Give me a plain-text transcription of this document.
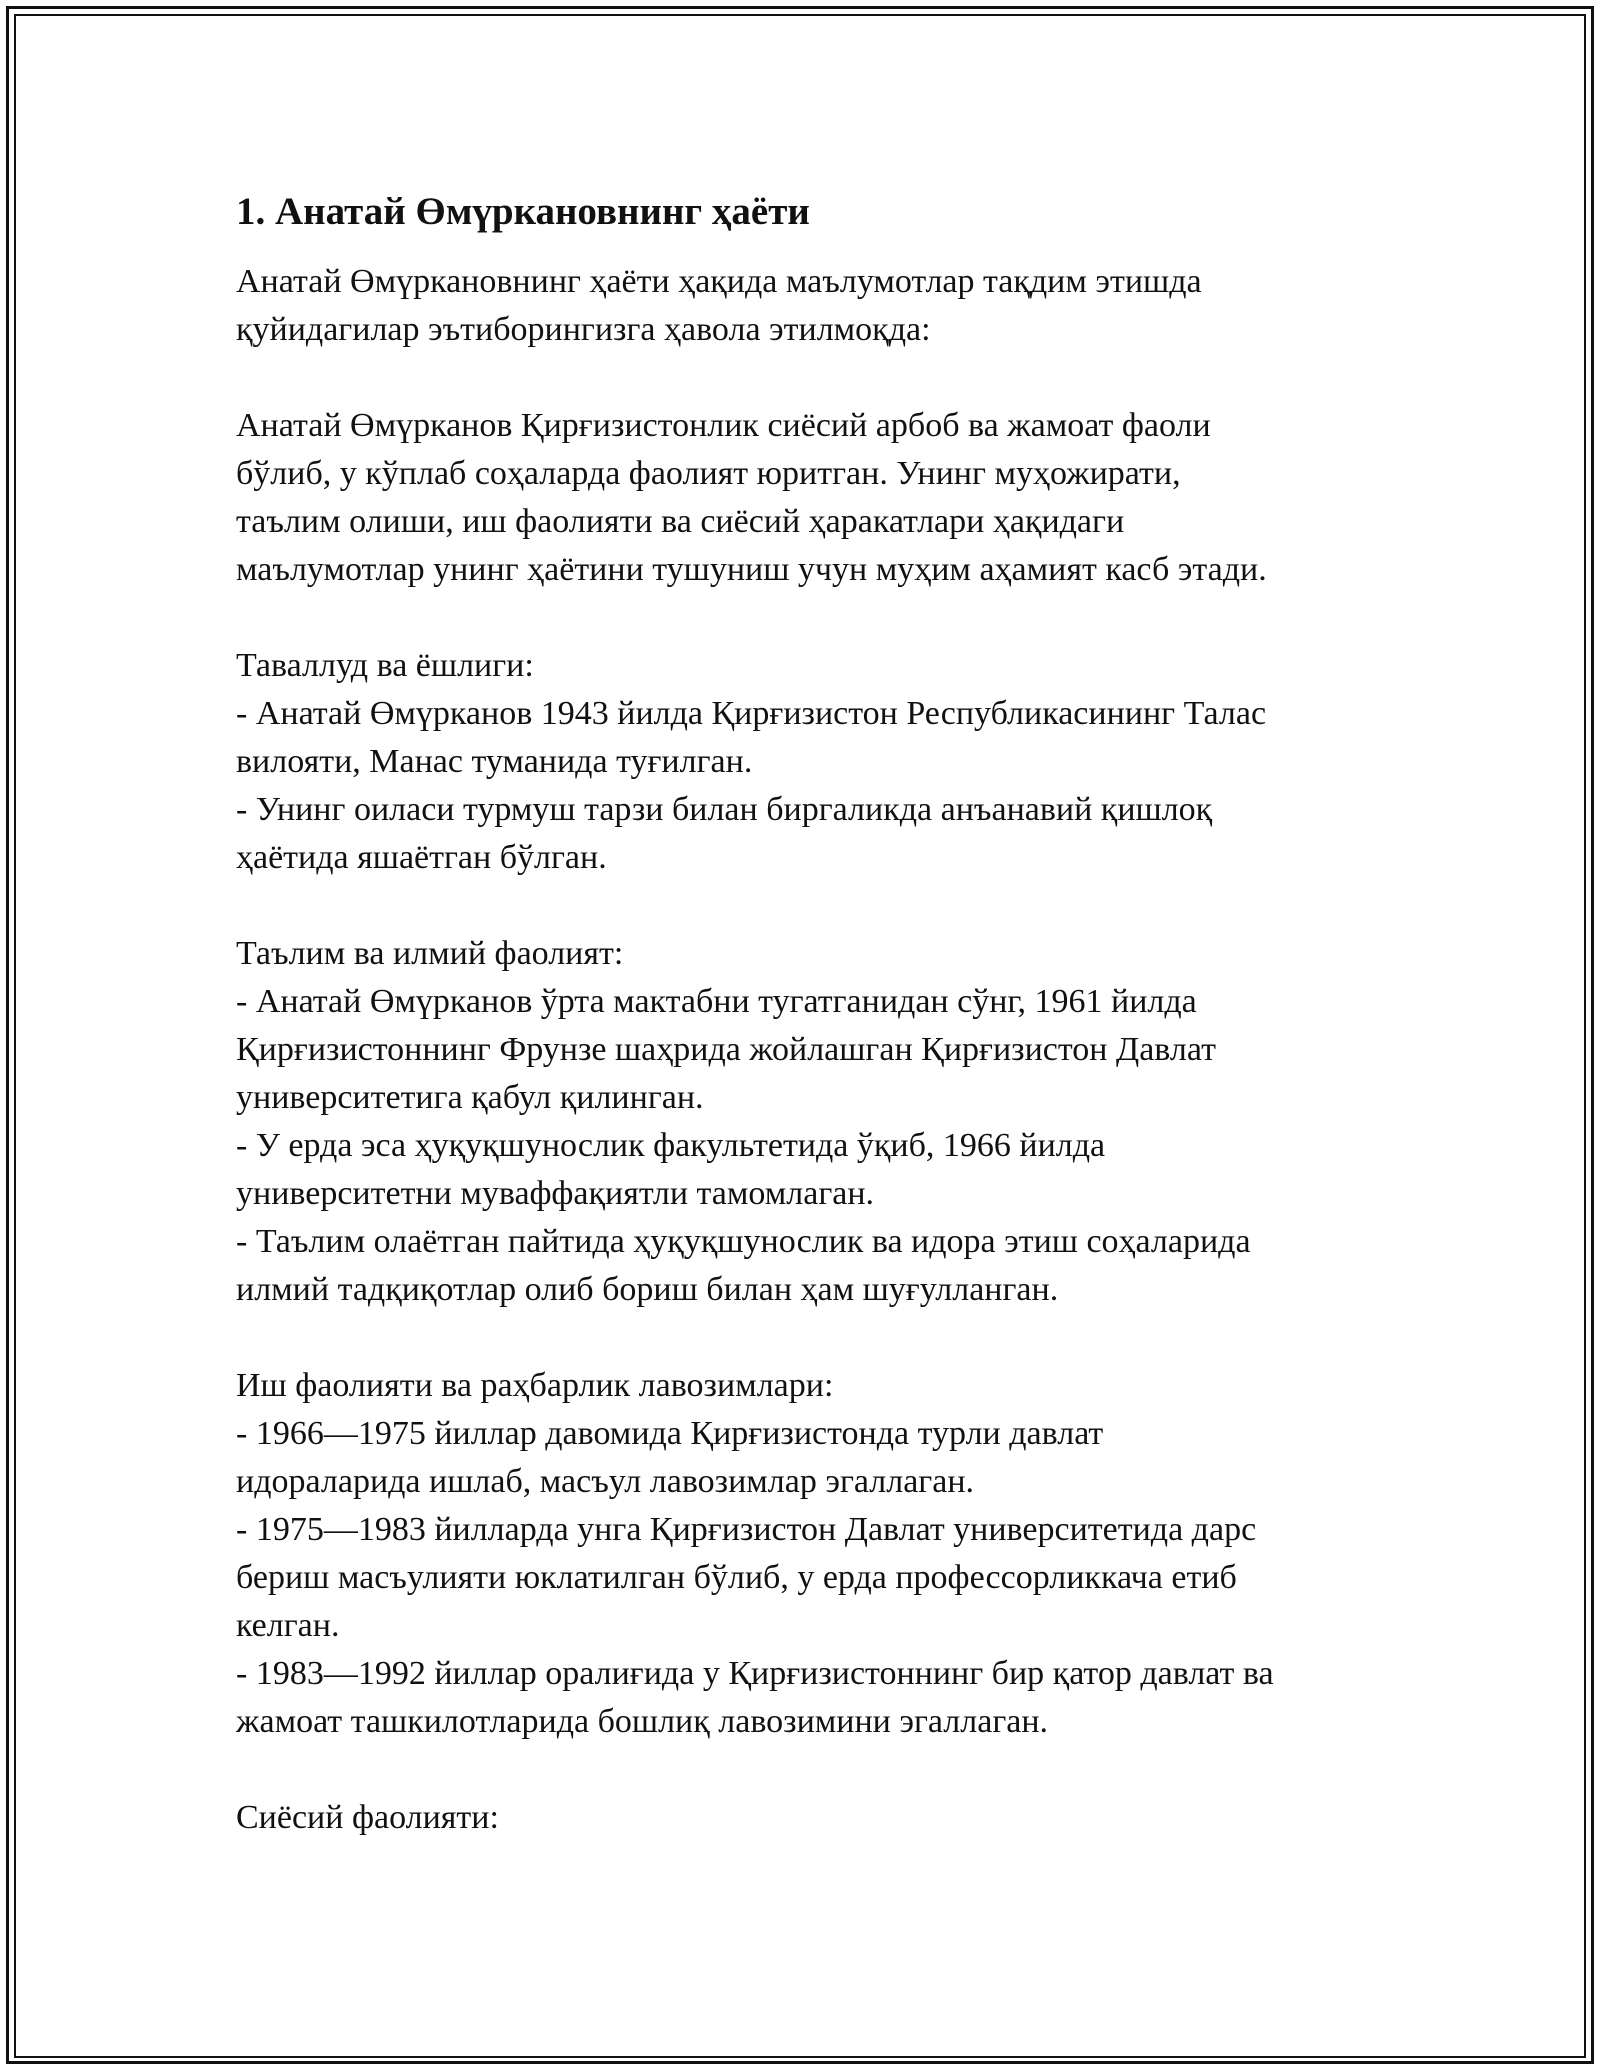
1. Анатай Өмүркановнинг ҳаёти

Анатай Өмүркановнинг ҳаёти ҳақида маълумотлар тақдим этишда
қуйидагилар эътиборингизга ҳавола этилмоқда:

Анатай Өмүрканов Қирғизистонлик сиёсий арбоб ва жамоат фаоли
бўлиб, у кўплаб соҳаларда фаолият юритган. Унинг муҳожирати,
таълим олиши, иш фаолияти ва сиёсий ҳаракатлари ҳақидаги
маълумотлар унинг ҳаётини тушуниш учун муҳим аҳамият касб этади.

Таваллуд ва ёшлиги:
- Анатай Өмүрканов 1943 йилда Қирғизистон Республикасининг Талас
вилояти, Манас туманида туғилган.
- Унинг оиласи турмуш тарзи билан биргаликда анъанавий қишлоқ
ҳаётида яшаётган бўлган.

Таълим ва илмий фаолият:
- Анатай Өмүрканов ўрта мактабни тугатганидан сўнг, 1961 йилда
Қирғизистоннинг Фрунзе шаҳрида жойлашган Қирғизистон Давлат
университетига қабул қилинган.
- У ерда эса ҳуқуқшунослик факультетида ўқиб, 1966 йилда
университетни муваффақиятли тамомлаган.
- Таълим олаётган пайтида ҳуқуқшунослик ва идора этиш соҳаларида
илмий тадқиқотлар олиб бориш билан ҳам шуғулланган.

Иш фаолияти ва раҳбарлик лавозимлари:
- 1966—1975 йиллар давомида Қирғизистонда турли давлат
идораларида ишлаб, масъул лавозимлар эгаллаган.
- 1975—1983 йилларда унга Қирғизистон Давлат университетида дарс
бериш масъулияти юклатилган бўлиб, у ерда профессорликкача етиб
келган.
- 1983—1992 йиллар оралиғида у Қирғизистоннинг бир қатор давлат ва
жамоат ташкилотларида бошлиқ лавозимини эгаллаган.

Сиёсий фаолияти:
